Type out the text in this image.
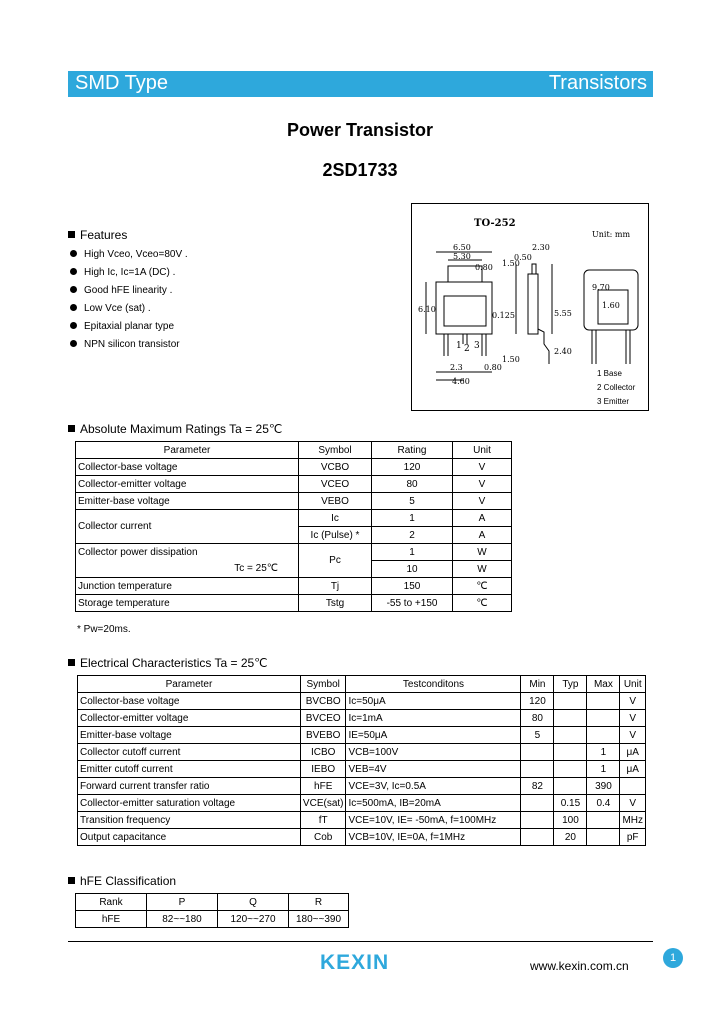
SMD Type	Transistors
Power Transistor
2SD1733
Features
High Vceo, Vceo=80V .
High Ic, Ic=1A (DC) .
Good hFE linearity .
Low Vce (sat) .
Epitaxial planar type
NPN silicon transistor
TO-252
Unit: mm
6.50
5.30
2.30
1.50
0.50
0.80
6.10
0.125	5.55
1.50
2.40
2.3
4.60
0.80
1.60
9.70
1 2 3
1 Base
2 Collector
3 Emitter
Absolute Maximum Ratings Ta = 25℃
Parameter	Symbol	Rating	Unit
Collector-base voltage	VCBO	120	V
Collector-emitter voltage	VCEO	80	V
Emitter-base voltage	VEBO	5	V
Collector current	Ic	1	A
	Ic (Pulse) *	2	A
Collector power dissipation	Pc	1	W
Tc = 25℃		10	W
Junction temperature	Tj	150	℃
Storage temperature	Tstg	-55 to +150	℃
* Pw=20ms.
Electrical Characteristics Ta = 25℃
Parameter	Symbol	Testconditons	Min	Typ	Max	Unit
Collector-base voltage	BVCBO	Ic=50μA	120			V
Collector-emitter voltage	BVCEO	Ic=1mA	80			V
Emitter-base voltage	BVEBO	IE=50μA	5			V
Collector cutoff current	ICBO	VCB=100V			1	μA
Emitter cutoff current	IEBO	VEB=4V			1	μA
Forward current transfer ratio	hFE	VCE=3V, Ic=0.5A	82		390	
Collector-emitter saturation voltage	VCE(sat)	Ic=500mA, IB=20mA		0.15	0.4	V
Transition frequency	fT	VCE=10V, IE= -50mA, f=100MHz		100		MHz
Output capacitance	Cob	VCB=10V, IE=0A, f=1MHz		20		pF
hFE Classification
Rank	P	Q	R
hFE	82~~180	120~~270	180~~390
KEXIN	www.kexin.com.cn
1
